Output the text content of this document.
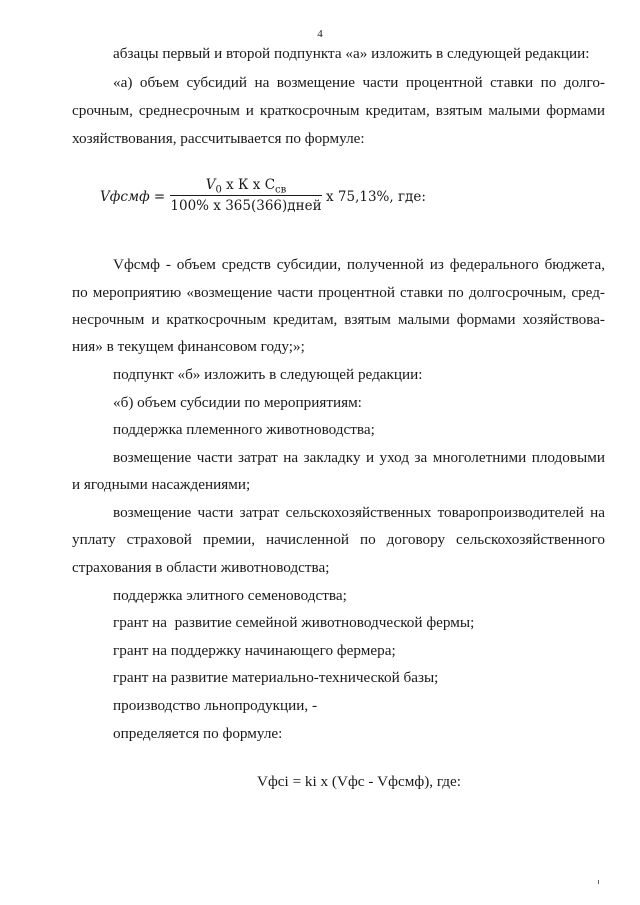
4
абзацы первый и второй подпункта «а» изложить в следующей редакции:
«а) объем субсидий на возмещение части процентной ставки по долго-
срочным, среднесрочным и краткосрочным кредитам, взятым малыми формами
хозяйствования, рассчитывается по формуле:
Vфсмф =
$V_0$ x К x $С_{св}$
100% x 365(366)дней
x 75,13%, где:
Vфсмф - объем средств субсидии, полученной из федерального бюджета,
по мероприятию «возмещение части процентной ставки по долгосрочным, сред-
несрочным и краткосрочным кредитам, взятым малыми формами хозяйствова-
ния» в текущем финансовом году;»;
подпункт «б» изложить в следующей редакции:
«б) объем субсидии по мероприятиям:
поддержка племенного животноводства;
возмещение части затрат на закладку и уход за многолетними плодовыми
и ягодными насаждениями;
возмещение части затрат сельскохозяйственных товаропроизводителей на
уплату страховой премии, начисленной по договору сельскохозяйственного
страхования в области животноводства;
поддержка элитного семеноводства;
грант на  развитие семейной животноводческой фермы;
грант на поддержку начинающего фермера;
грант на развитие материально-технической базы;
производство льнопродукции, -
определяется по формуле:
Vфсi = ki x (Vфс - Vфсмф), где:
